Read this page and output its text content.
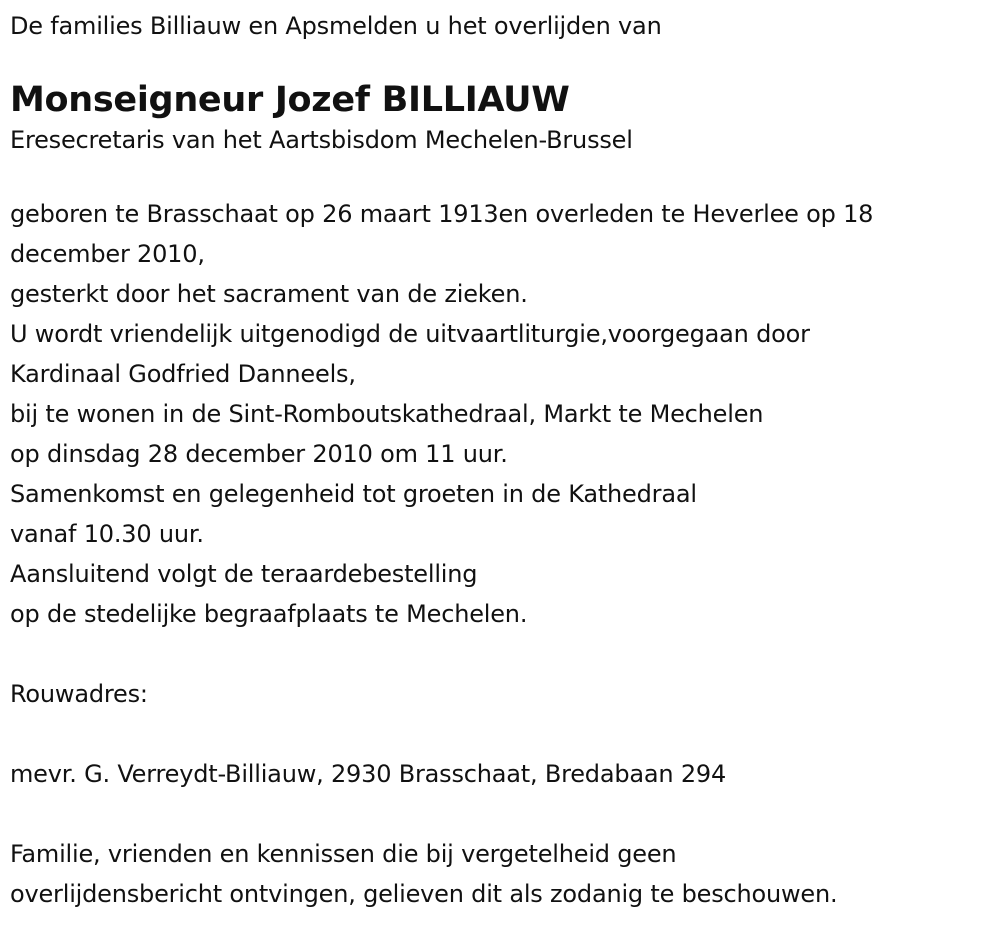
De families Billiauw en Apsmelden u het overlijden van
Monseigneur Jozef BILLIAUW
Eresecretaris van het Aartsbisdom Mechelen-Brussel
geboren te Brasschaat op 26 maart 1913en overleden te Heverlee op 18
december 2010,
gesterkt door het sacrament van de zieken.
U wordt vriendelijk uitgenodigd de uitvaartliturgie,voorgegaan door
Kardinaal Godfried Danneels,
bij te wonen in de Sint-Romboutskathedraal, Markt te Mechelen
op dinsdag 28 december 2010 om 11 uur.
Samenkomst en gelegenheid tot groeten in de Kathedraal
vanaf 10.30 uur.
Aansluitend volgt de teraardebestelling
op de stedelijke begraafplaats te Mechelen.
Rouwadres:
mevr. G. Verreydt-Billiauw, 2930 Brasschaat, Bredabaan 294
Familie, vrienden en kennissen die bij vergetelheid geen
overlijdensbericht ontvingen, gelieven dit als zodanig te beschouwen.
